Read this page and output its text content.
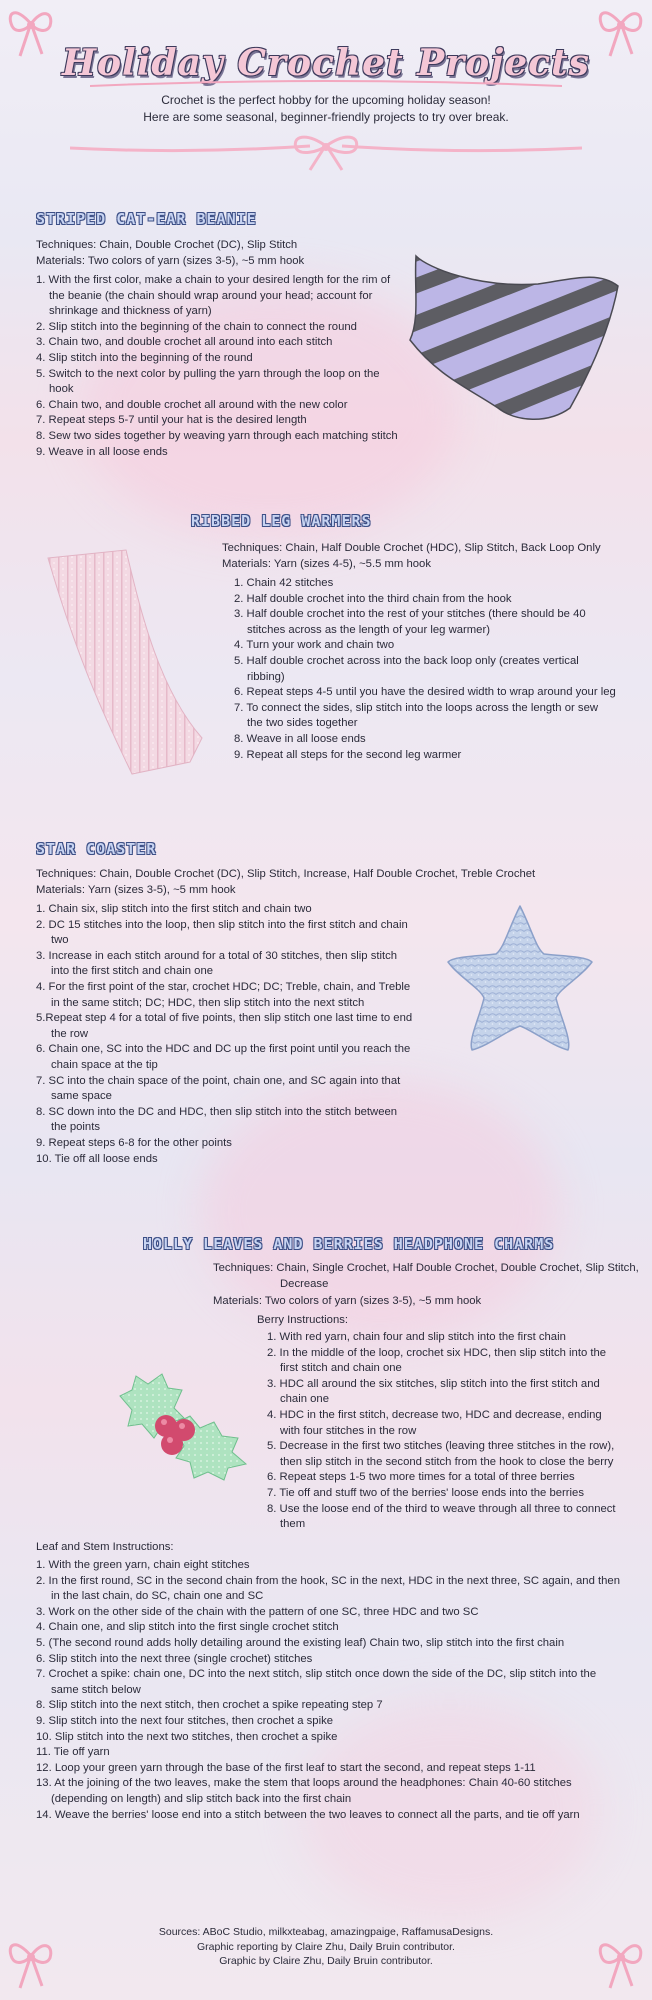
Holiday Crochet Projects
Crochet is the perfect hobby for the upcoming holiday season!
Here are some seasonal, beginner-friendly projects to try over break.
STRIPED CAT-EAR BEANIE
Techniques: Chain, Double Crochet (DC), Slip Stitch
Materials: Two colors of yarn (sizes 3-5), ~5 mm hook
1. With the first color, make a chain to your desired length for the rim of the beanie (the chain should wrap around your head; account for shrinkage and thickness of yarn)
2. Slip stitch into the beginning of the chain to connect the round
3. Chain two, and double crochet all around into each stitch
4. Slip stitch into the beginning of the round
5. Switch to the next color by pulling the yarn through the loop on the hook
6. Chain two, and double crochet all around with the new color
7. Repeat steps 5-7 until your hat is the desired length
8. Sew two sides together by weaving yarn through each matching stitch
9. Weave in all loose ends
RIBBED LEG WARMERS
Techniques: Chain, Half Double Crochet (HDC), Slip Stitch, Back Loop Only
Materials: Yarn (sizes 4-5), ~5.5 mm hook
1. Chain 42 stitches
2. Half double crochet into the third chain from the hook
3. Half double crochet into the rest of your stitches (there should be 40 stitches across as the length of your leg warmer)
4. Turn your work and chain two
5. Half double crochet across into the back loop only (creates vertical ribbing)
6. Repeat steps 4-5 until you have the desired width to wrap around your leg
7. To connect the sides, slip stitch into the loops across the length or sew the two sides together
8. Weave in all loose ends
9. Repeat all steps for the second leg warmer
STAR COASTER
Techniques: Chain, Double Crochet (DC), Slip Stitch, Increase, Half Double Crochet, Treble Crochet
Materials: Yarn (sizes 3-5), ~5 mm hook
1. Chain six, slip stitch into the first stitch and chain two
2. DC 15 stitches into the loop, then slip stitch into the first stitch and chain two
3. Increase in each stitch around for a total of 30 stitches, then slip stitch into the first stitch and chain one
4. For the first point of the star, crochet HDC; DC; Treble, chain, and Treble in the same stitch; DC; HDC, then slip stitch into the next stitch
5.Repeat step 4 for a total of five points, then slip stitch one last time to end the row
6. Chain one, SC into the HDC and DC up the first point until you reach the chain space at the tip
7. SC into the chain space of the point, chain one, and SC again into that same space
8. SC down into the DC and HDC, then slip stitch into the stitch between the points
9. Repeat steps 6-8 for the other points
10. Tie off all loose ends
HOLLY LEAVES AND BERRIES HEADPHONE CHARMS
Techniques: Chain, Single Crochet, Half Double Crochet, Double Crochet, Slip Stitch,
Decrease
Materials: Two colors of yarn (sizes 3-5), ~5 mm hook
Berry Instructions:
1. With red yarn, chain four and slip stitch into the first chain
2. In the middle of the loop, crochet six HDC, then slip stitch into the first stitch and chain one
3. HDC all around the six stitches, slip stitch into the first stitch and chain one
4. HDC in the first stitch, decrease two, HDC and decrease, ending with four stitches in the row
5. Decrease in the first two stitches (leaving three stitches in the row), then slip stitch in the second stitch from the hook to close the berry
6. Repeat steps 1-5 two more times for a total of three berries
7. Tie off and stuff two of the berries' loose ends into the berries
8. Use the loose end of the third to weave through all three to connect them
Leaf and Stem Instructions:
1. With the green yarn, chain eight stitches
2. In the first round, SC in the second chain from the hook, SC in the next, HDC in the next three, SC again, and then in the last chain, do SC, chain one and SC
3. Work on the other side of the chain with the pattern of one SC, three HDC and two SC
4. Chain one, and slip stitch into the first single crochet stitch
5. (The second round adds holly detailing around the existing leaf) Chain two, slip stitch into the first chain
6. Slip stitch into the next three (single crochet) stitches
7. Crochet a spike: chain one, DC into the next stitch, slip stitch once down the side of the DC, slip stitch into the same stitch below
8. Slip stitch into the next stitch, then crochet a spike repeating step 7
9. Slip stitch into the next four stitches, then crochet a spike
10. Slip stitch into the next two stitches, then crochet a spike
11. Tie off yarn
12. Loop your green yarn through the base of the first leaf to start the second, and repeat steps 1-11
13. At the joining of the two leaves, make the stem that loops around the headphones: Chain 40-60 stitches (depending on length) and slip stitch back into the first chain
14. Weave the berries' loose end into a stitch between the two leaves to connect all the parts, and tie off yarn
Sources: ABoC Studio, milkxteabag, amazingpaige, RaffamusaDesigns.
Graphic reporting by Claire Zhu, Daily Bruin contributor.
Graphic by Claire Zhu, Daily Bruin contributor.
